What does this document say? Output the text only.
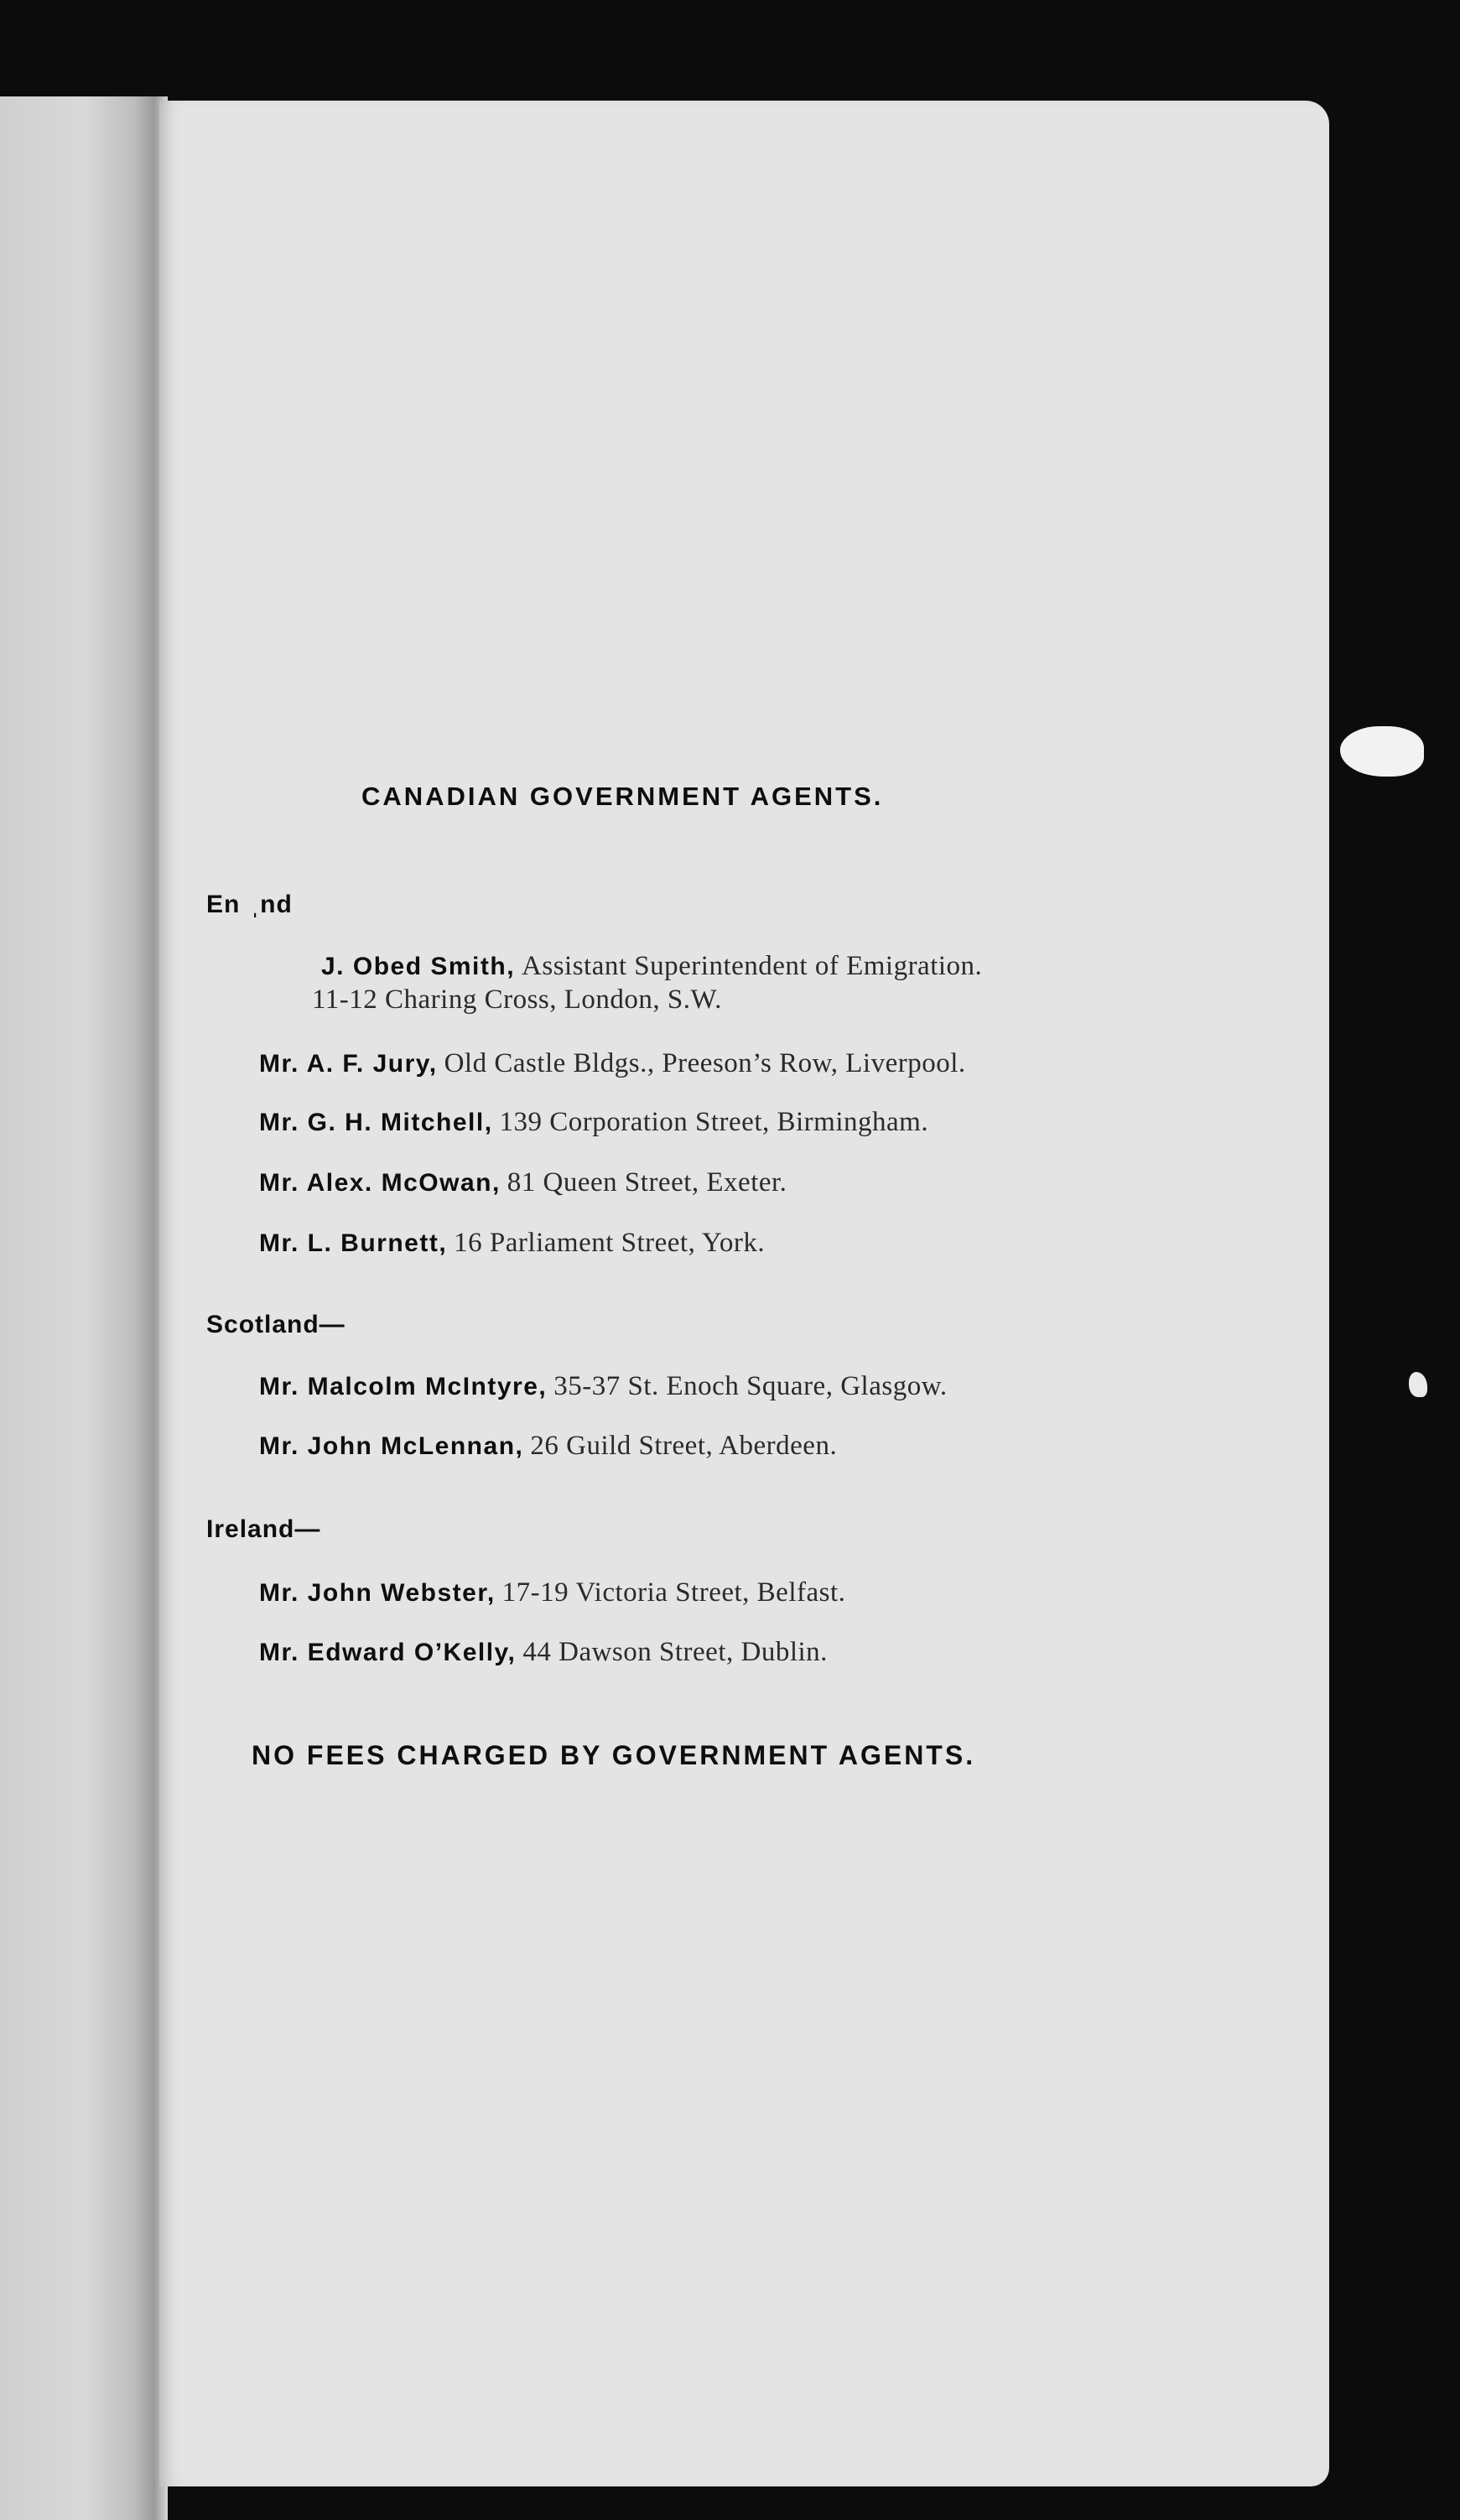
CANADIAN GOVERNMENT AGENTS.
En  ˌnd
J. Obed Smith, Assistant Superintendent of Emigration.
11-12 Charing Cross, London, S.W.
Mr. A. F. Jury, Old Castle Bldgs., Preeson’s Row, Liverpool.
Mr. G. H. Mitchell, 139 Corporation Street, Birmingham.
Mr. Alex. McOwan, 81 Queen Street, Exeter.
Mr. L. Burnett, 16 Parliament Street, York.
Scotland—
Mr. Malcolm McIntyre, 35-37 St. Enoch Square, Glasgow.
Mr. John McLennan, 26 Guild Street, Aberdeen.
Ireland—
Mr. John Webster, 17-19 Victoria Street, Belfast.
Mr. Edward O’Kelly, 44 Dawson Street, Dublin.
NO FEES CHARGED BY GOVERNMENT AGENTS.
